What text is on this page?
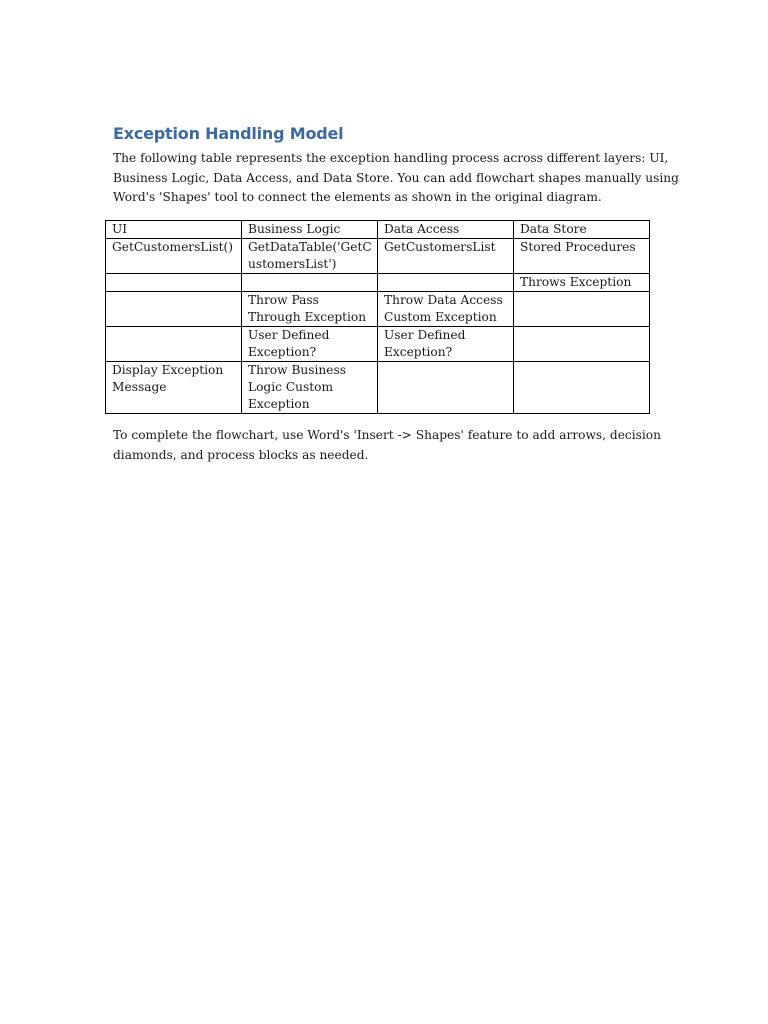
Exception Handling Model
The following table represents the exception handling process across different layers: UI,
Business Logic, Data Access, and Data Store. You can add flowchart shapes manually using
Word's 'Shapes' tool to connect the elements as shown in the original diagram.
UI	Business Logic	Data Access	Data Store

GetCustomersList()	GetDataTable('GetC
ustomersList')	GetCustomersList	Stored Procedures

			Throws Exception

	Throw Pass
Through Exception	Throw Data Access
Custom Exception	

	User Defined
Exception?	User Defined
Exception?	

Display Exception
Message	Throw Business
Logic Custom
Exception		

To complete the flowchart, use Word's 'Insert -> Shapes' feature to add arrows, decision
diamonds, and process blocks as needed.
